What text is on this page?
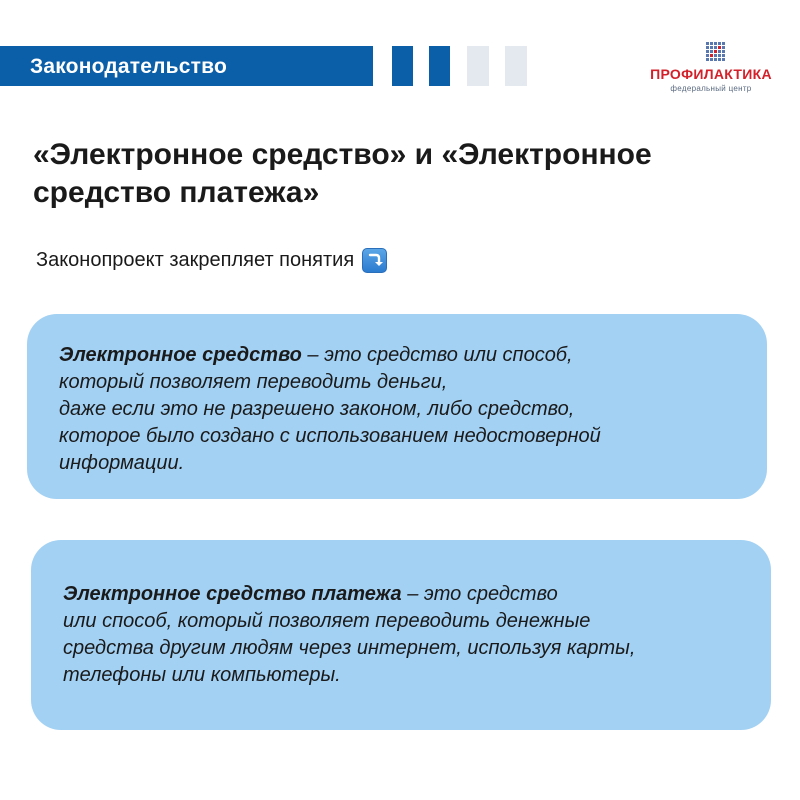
Законодательство	ПРОФИЛАКТИКА
федеральный центр
«Электронное средство» и «Электронное
средство платежа»
Законопроект закрепляет понятия

Электронное средство – это средство или способ,
который позволяет переводить деньги,
даже если это не разрешено законом, либо средство,
которое было создано с использованием недостоверной
информации.

Электронное средство платежа – это средство
или способ, который позволяет переводить денежные
средства другим людям через интернет, используя карты,
телефоны или компьютеры.
